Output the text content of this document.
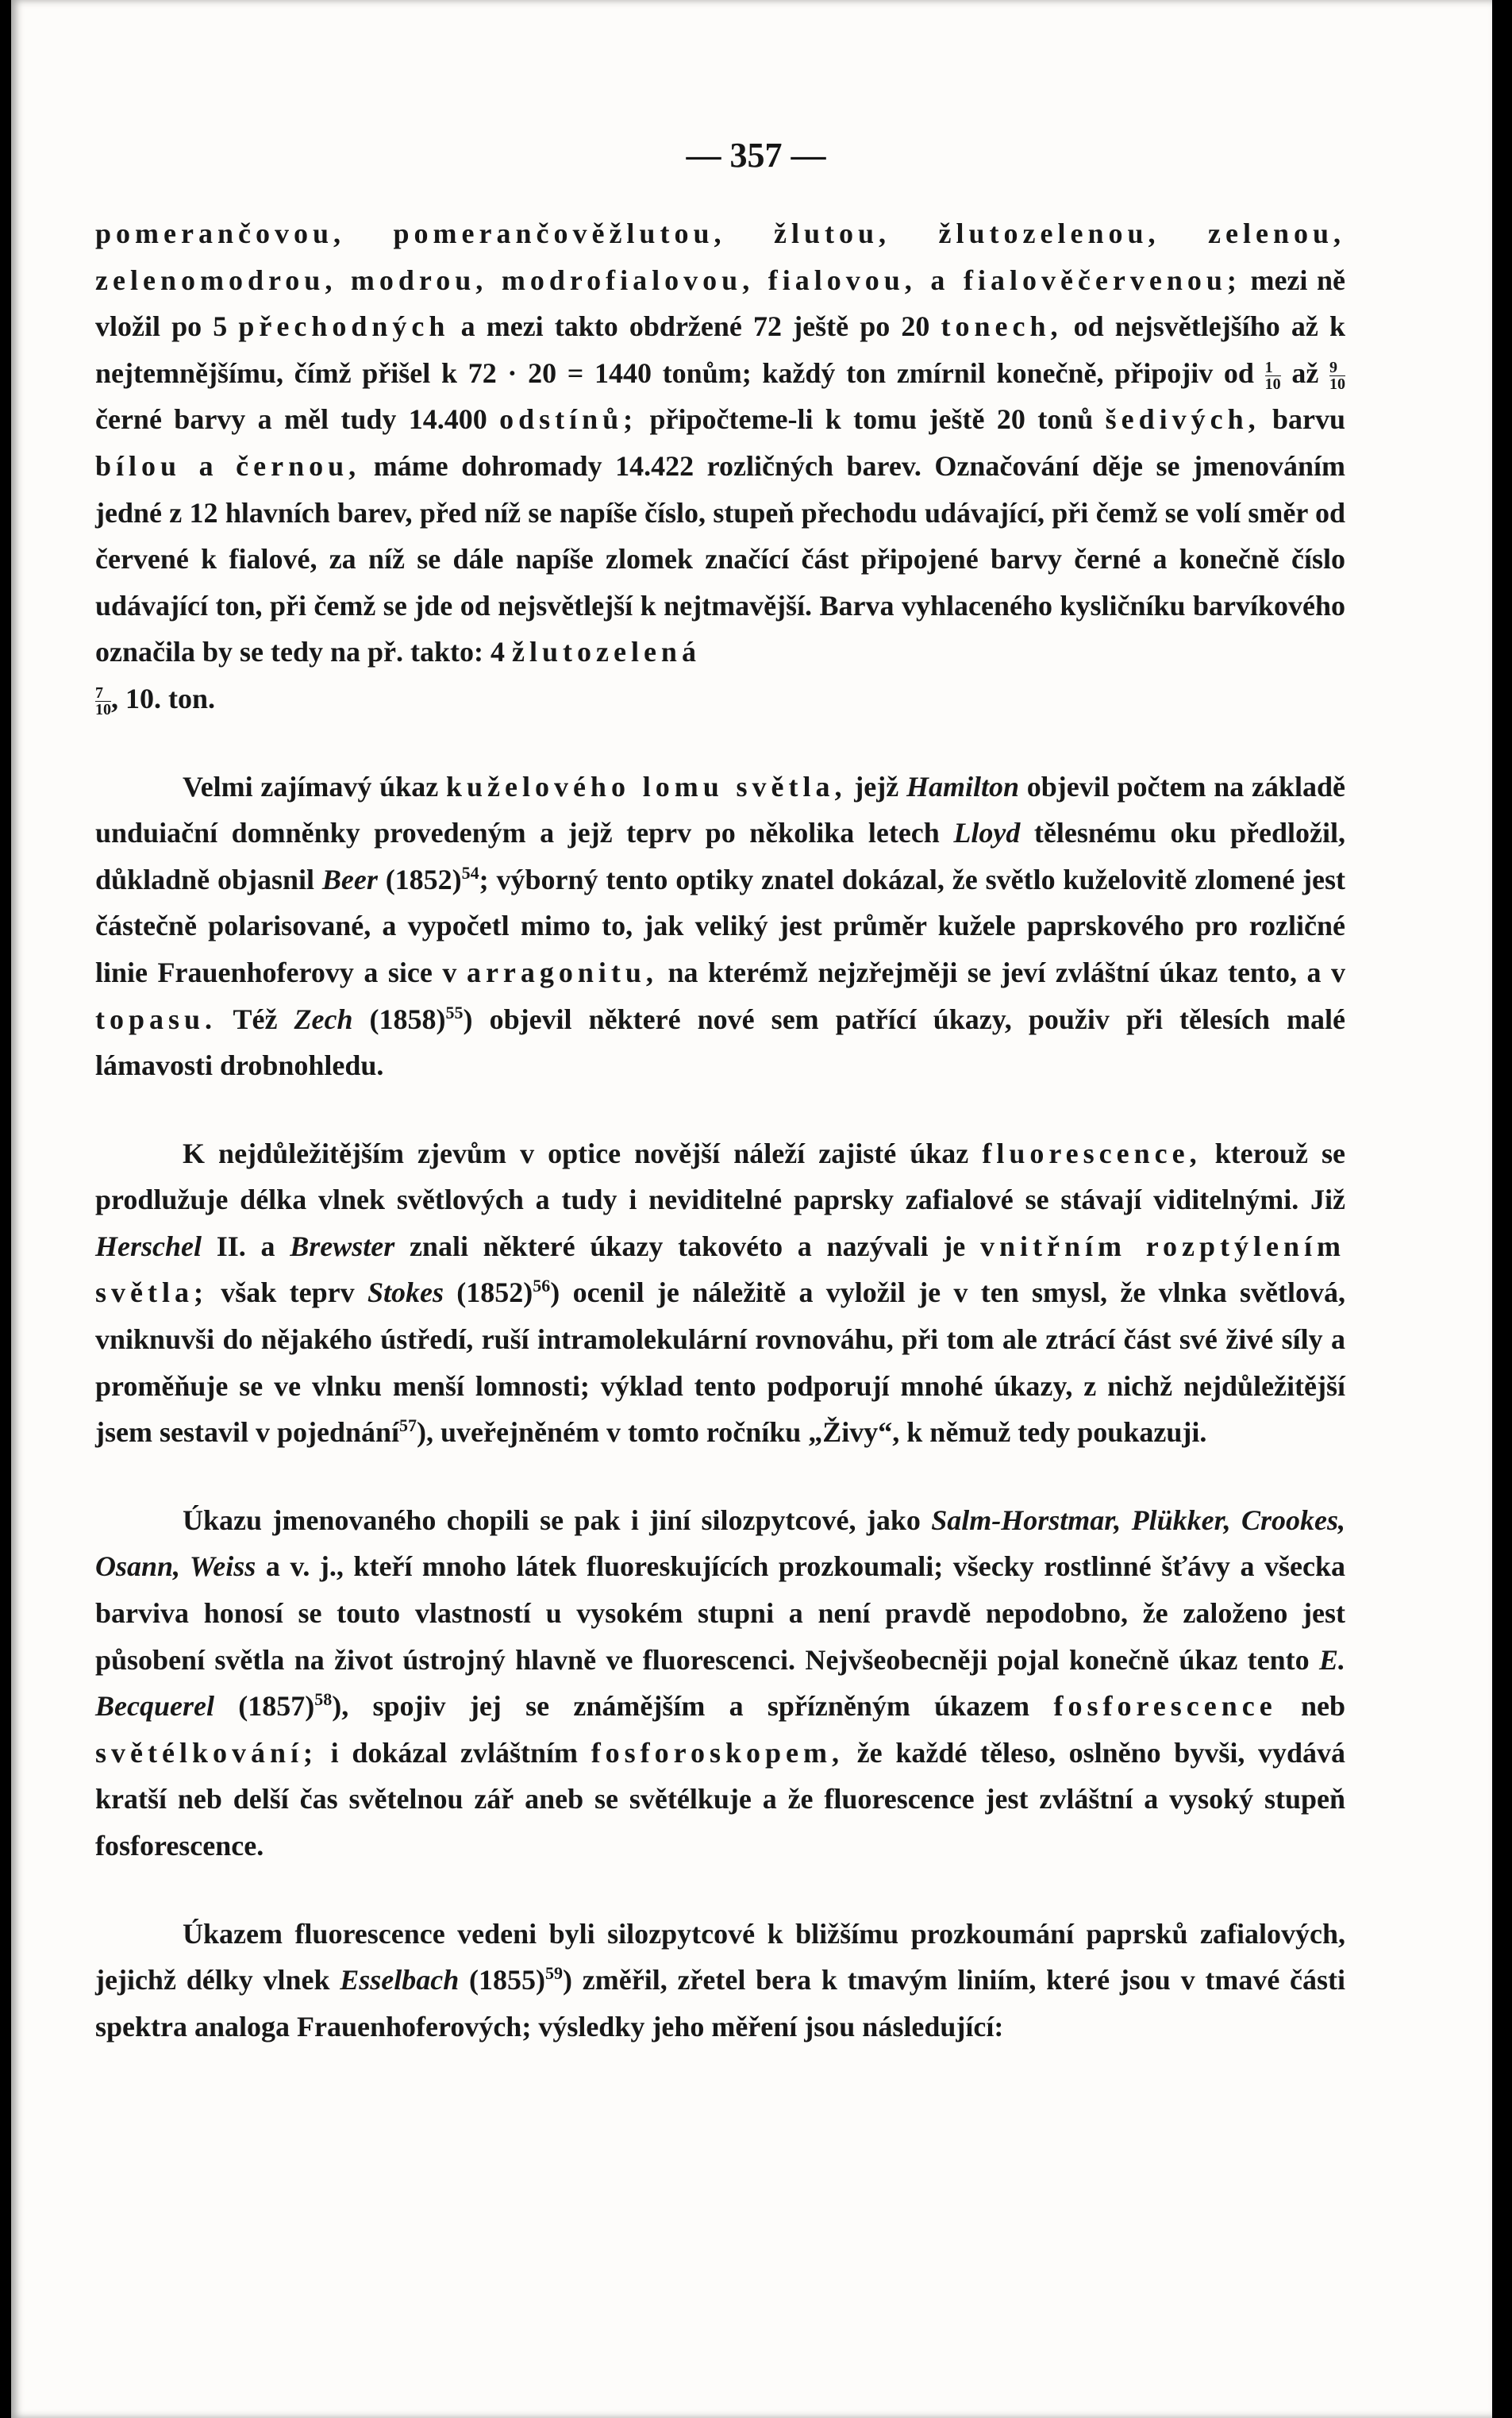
— 357 —

pomerančovou, pomerančověžlutou, žlutou, žlutozelenou, zelenou, zelenomodrou, modrou, modrofialovou, fialovou, a fialověčervenou; mezi ně vložil po 5 přechodných a mezi takto obdržené 72 ještě po 20 tonech, od nejsvětlejšího až k nejtemnějšímu, čímž přišel k 72 · 20 = 1440 tonům; každý ton zmírnil konečně, připojiv od $\frac{1}{10}$ až $\frac{9}{10}$
černé barvy a měl tudy 14.400 odstínů; připočteme-li k tomu ještě 20 tonů šedivých, barvu bílou a černou, máme dohromady 14.422 rozličných barev. Označování děje se jmenováním jedné z 12 hlavních barev, před níž se napíše číslo, stupeň přechodu udávající, při čemž se volí směr od červené k fialové, za níž se dále napíše zlomek značící část připojené barvy černé a konečně číslo udávající ton, při čemž se jde od nejsvětlejší k nejtmavější. Barva vyhlaceného kysličníku barvíkového označila by se tedy na př. takto: 4 žlutozelená

$\frac{7}{10}$ , 10. ton.

Velmi zajímavý úkaz kuželového lomu světla, jejž Hamilton objevil počtem na základě unduiační domněnky provedeným a jejž teprv po několika letech Lloyd tělesnému oku předložil, důkladně objasnil Beer $(1852)^{54}$; výborný tento optiky znatel dokázal, že světlo kuželovitě zlomené jest částečně polarisované, a vypočetl mimo to, jak veliký jest průměr kužele paprskového pro rozličné linie Frauenhoferovy a sice v arragonitu, na kterémž nejzřejměji se jeví zvláštní úkaz tento, a v topasu. Též Zech $(1858)^{55}$) objevil některé nové sem patřící úkazy, použiv při tělesích malé lámavosti drobnohledu.

K nejdůležitějším zjevům v optice novější náleží zajisté úkaz fluorescence, kterouž se prodlužuje délka vlnek světlových a tudy i neviditelné paprsky zafialové se stávají viditelnými. Již Herschel II. a Brewster znali některé úkazy takovéto a nazývali je vnitřním rozptýlením světla; však teprv Stokes $(1852)^{56}$) ocenil je náležitě a vyložil je v ten smysl, že vlnka světlová, vniknuvši do nějakého ústředí, ruší intramolekulární rovnováhu, při tom ale ztrácí část své živé síly a proměňuje se ve vlnku menší lomnosti; výklad tento podporují mnohé úkazy, z nichž nejdůležitější jsem sestavil v pojednání$^{57}$), uveřejněném v tomto ročníku „Živy“, k němuž tedy poukazuji.

Úkazu jmenovaného chopili se pak i jiní silozpytcové, jako Salm-Horstmar, Plükker, Crookes, Osann, Weiss a v. j., kteří mnoho látek fluoreskujících prozkoumali; všecky rostlinné šťávy a všecka barviva honosí se touto vlastností u vysokém stupni a není pravdě nepodobno, že založeno jest působení světla na život ústrojný hlavně ve fluorescenci. Nejvšeobecněji pojal konečně úkaz tento E. Becquerel $(1857)^{58}$), spojiv jej se známějším a spřízněným úkazem fosforescence neb světélkování; i dokázal zvláštním fosforoskopem, že každé těleso, oslněno byvši, vydává kratší neb delší čas světelnou zář aneb se světélkuje a že fluorescence jest zvláštní a vysoký stupeň fosforescence.

Úkazem fluorescence vedeni byli silozpytcové k bližšímu prozkoumání paprsků zafialových, jejichž délky vlnek Esselbach $(1855)^{59}$) změřil, zřetel bera k tmavým liniím, které jsou v tmavé části spektra analoga Frauenhoferových; výsledky jeho měření jsou následující:
